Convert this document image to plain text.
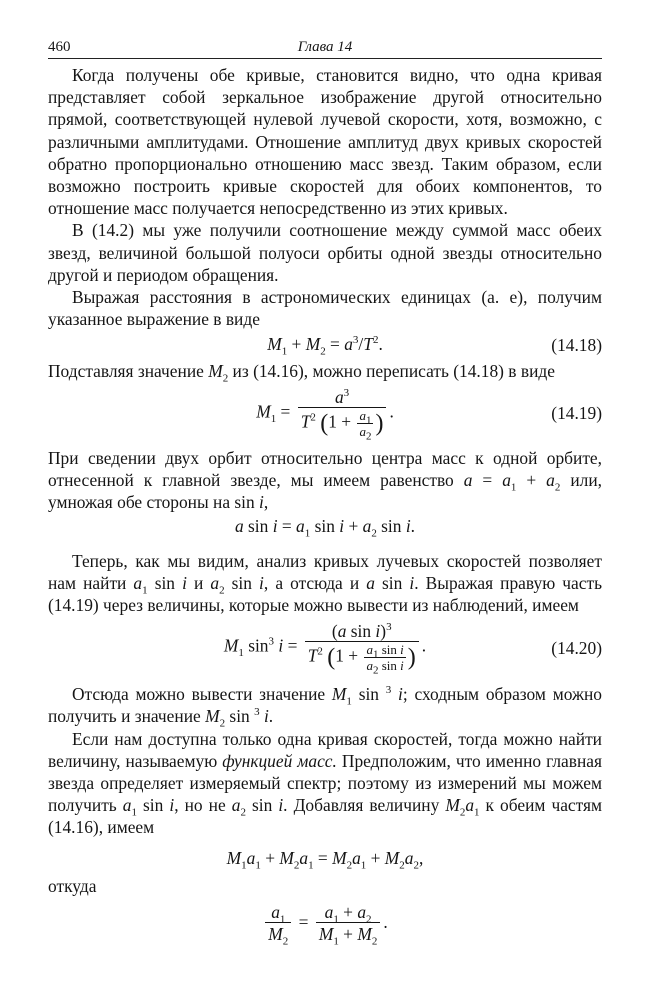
460	Глава 14

Когда получены обе кривые, становится видно, что одна кривая представляет собой зеркальное изображение другой относительно прямой, соответствующей нулевой лучевой скорости, хотя, возможно, с различными амплитудами. Отношение амплитуд двух кривых скоростей обратно пропорционально отношению масс звезд. Таким образом, если возможно построить кривые скоростей для обоих компонентов, то отношение масс получается непосредственно из этих кривых.

В (14.2) мы уже получили соотношение между суммой масс обеих звезд, величиной большой полуоси орбиты одной звезды относительно другой и периодом обращения.

Выражая расстояния в астрономических единицах (а. е), получим указанное выражение в виде

$M_1 + M_2 = a^3/T^2$.	(14.18)

Подставляя значение $M_2$ из (14.16), можно переписать (14.18) в виде

$M_1 = \frac{a^3}{T^2 (1 + \frac{a_1}{a_2} )}$ .	(14.19)

При сведении двух орбит относительно центра масс к одной орбите, отнесенной к главной звезде, мы имеем равенство $a = a_1 + a_2$ или, умножая обе стороны на sin i,

a $\sin i = a_1$ $\sin i + a_2$ sin i.

Теперь, как мы видим, анализ кривых лучевых скоростей позволяет нам найти $a_1$ sin i и $a_2$ sin i, а отсюда и a sin i. Выражая правую часть (14.19) через величины, которые можно вывести из наблюдений, имеем

$M_1$ $\sin^3 i = \frac{(a \sin i)^3}{T^2 (1 + \frac{a_1 \sin i}{a_2 \sin i} )}$ .	(14.20)

Отсюда можно вывести значение $M_1$ sin $^3$ i; сходным образом можно получить и значение $M_2$ sin $^3$ i.

Если нам доступна только одна кривая скоростей, тогда можно найти величину, называемую функцией масс. Предположим, что именно главная звезда определяет измеряемый спектр; поэтому из измерений мы можем получить $a_1$ sin i, но не $a_2$ sin i. Добавляя величину $M_2a_1$ к обеим частям (14.16), имеем

$M_1a_1 + M_2a_1 = M_2a_1 + M_2a_2$,

откуда

$\frac{a_1}{M_2} = \frac{a_1 + a_2}{M_1 + M_2}$ .
